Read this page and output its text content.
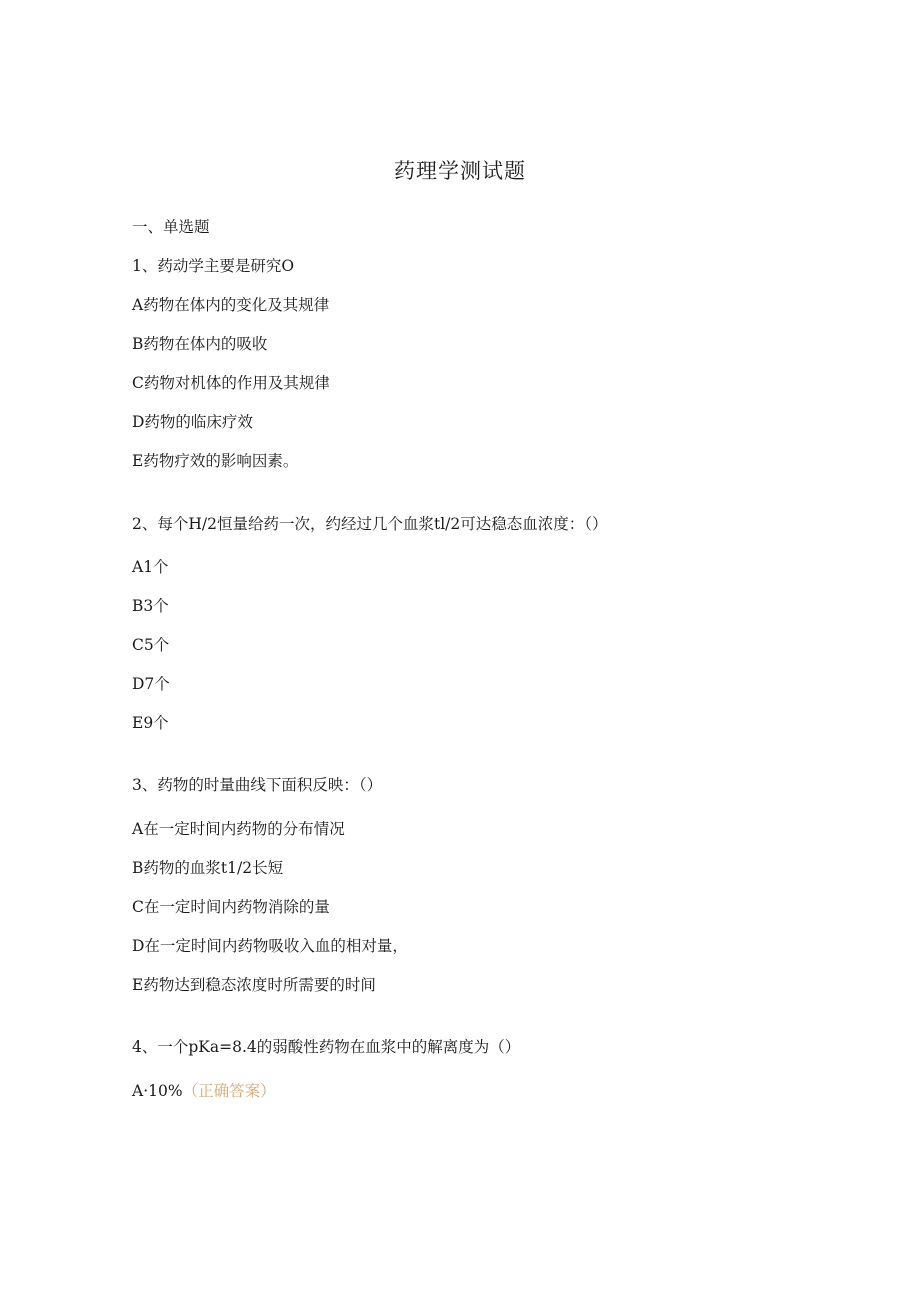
药理学测试题
一、单选题
1、药动学主要是研究O
A药物在体内的变化及其规律
B药物在体内的吸收
C药物对机体的作用及其规律
D药物的临床疗效
E药物疗效的影响因素。
2、每个H/2恒量给药一次，约经过几个血浆tl/2可达稳态血浓度：（）
A1个
B3个
C5个
D7个
E9个
3、药物的时量曲线下面积反映：（）
A在一定时间内药物的分布情况
B药物的血浆t1/2长短
C在一定时间内药物消除的量
D在一定时间内药物吸收入血的相对量，
E药物达到稳态浓度时所需要的时间
4、一个pKa=8.4的弱酸性药物在血浆中的解离度为（）
A·10%（正确答案）
